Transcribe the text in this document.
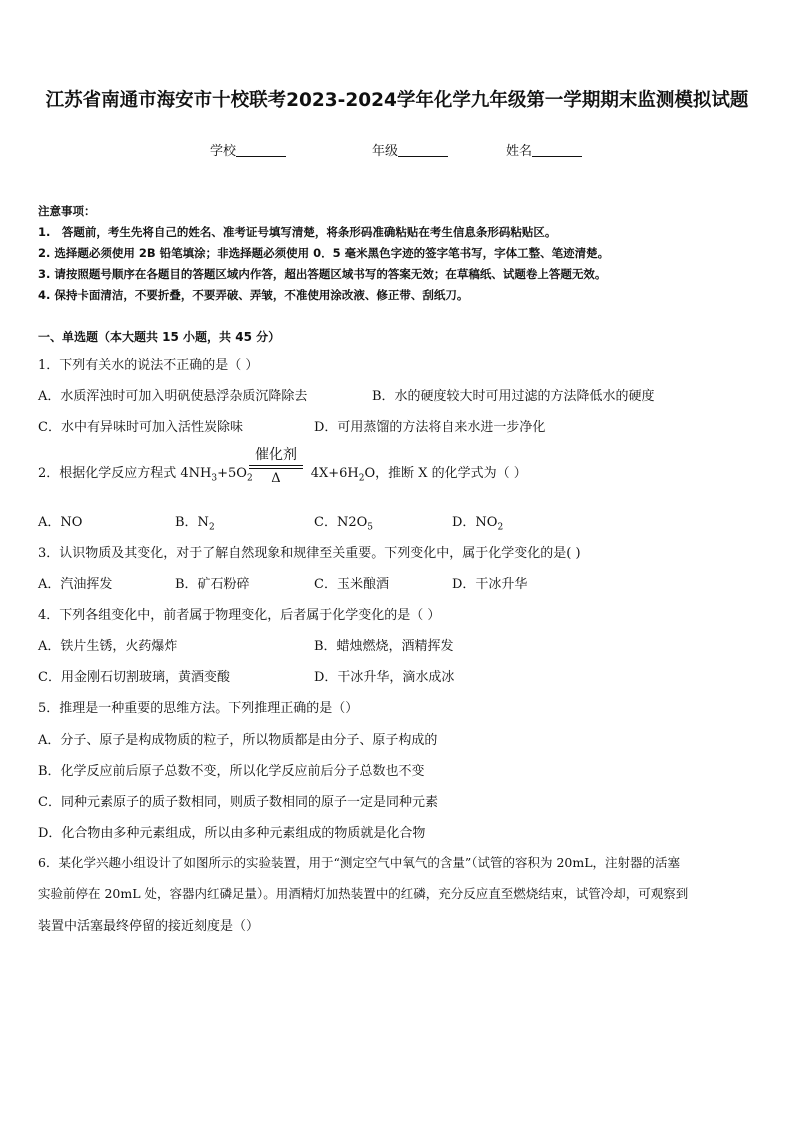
江苏省南通市海安市十校联考2023-2024学年化学九年级第一学期期末监测模拟试题
学校	年级	姓名
注意事项：
1.　答题前，考生先将自己的姓名、准考证号填写清楚，将条形码准确粘贴在考生信息条形码粘贴区。
2. 选择题必须使用 2B 铅笔填涂；非选择题必须使用 0．5 毫米黑色字迹的签字笔书写，字体工整、笔迹清楚。
3. 请按照题号顺序在各题目的答题区域内作答，超出答题区域书写的答案无效；在草稿纸、试题卷上答题无效。
4. 保持卡面清洁，不要折叠，不要弄破、弄皱，不准使用涂改液、修正带、刮纸刀。
一、单选题（本大题共 15 小题，共 45 分）
1．下列有关水的说法不正确的是（ ）
A．水质浑浊时可加入明矾使悬浮杂质沉降除去	B．水的硬度较大时可用过滤的方法降低水的硬度
C．水中有异味时可加入活性炭除味	D．可用蒸馏的方法将自来水进一步净化
2．根据化学反应方程式 $4NH_3+5O_2$	$4X+6H_2O$，推断 X 的化学式为（ ）
催化剂
Δ
A．NO	B．$N_2$	C．$N2O_5$	D．$NO_2$
3．认识物质及其变化，对于了解自然现象和规律至关重要。下列变化中，属于化学变化的是( )
A．汽油挥发	B．矿石粉碎	C．玉米酿酒	D．干冰升华
4．下列各组变化中，前者属于物理变化，后者属于化学变化的是（ ）
A．铁片生锈，火药爆炸	B．蜡烛燃烧，酒精挥发
C．用金刚石切割玻璃，黄酒变酸	D．干冰升华，滴水成冰
5．推理是一种重要的思维方法。下列推理正确的是（）
A．分子、原子是构成物质的粒子，所以物质都是由分子、原子构成的
B．化学反应前后原子总数不变，所以化学反应前后分子总数也不变
C．同种元素原子的质子数相同，则质子数相同的原子一定是同种元素
D．化合物由多种元素组成，所以由多种元素组成的物质就是化合物
6．某化学兴趣小组设计了如图所示的实验装置，用于“测定空气中氧气的含量”（试管的容积为 20mL，注射器的活塞
实验前停在 20mL 处，容器内红磷足量）。用酒精灯加热装置中的红磷，充分反应直至燃烧结束，试管冷却，可观察到
装置中活塞最终停留的接近刻度是（）
